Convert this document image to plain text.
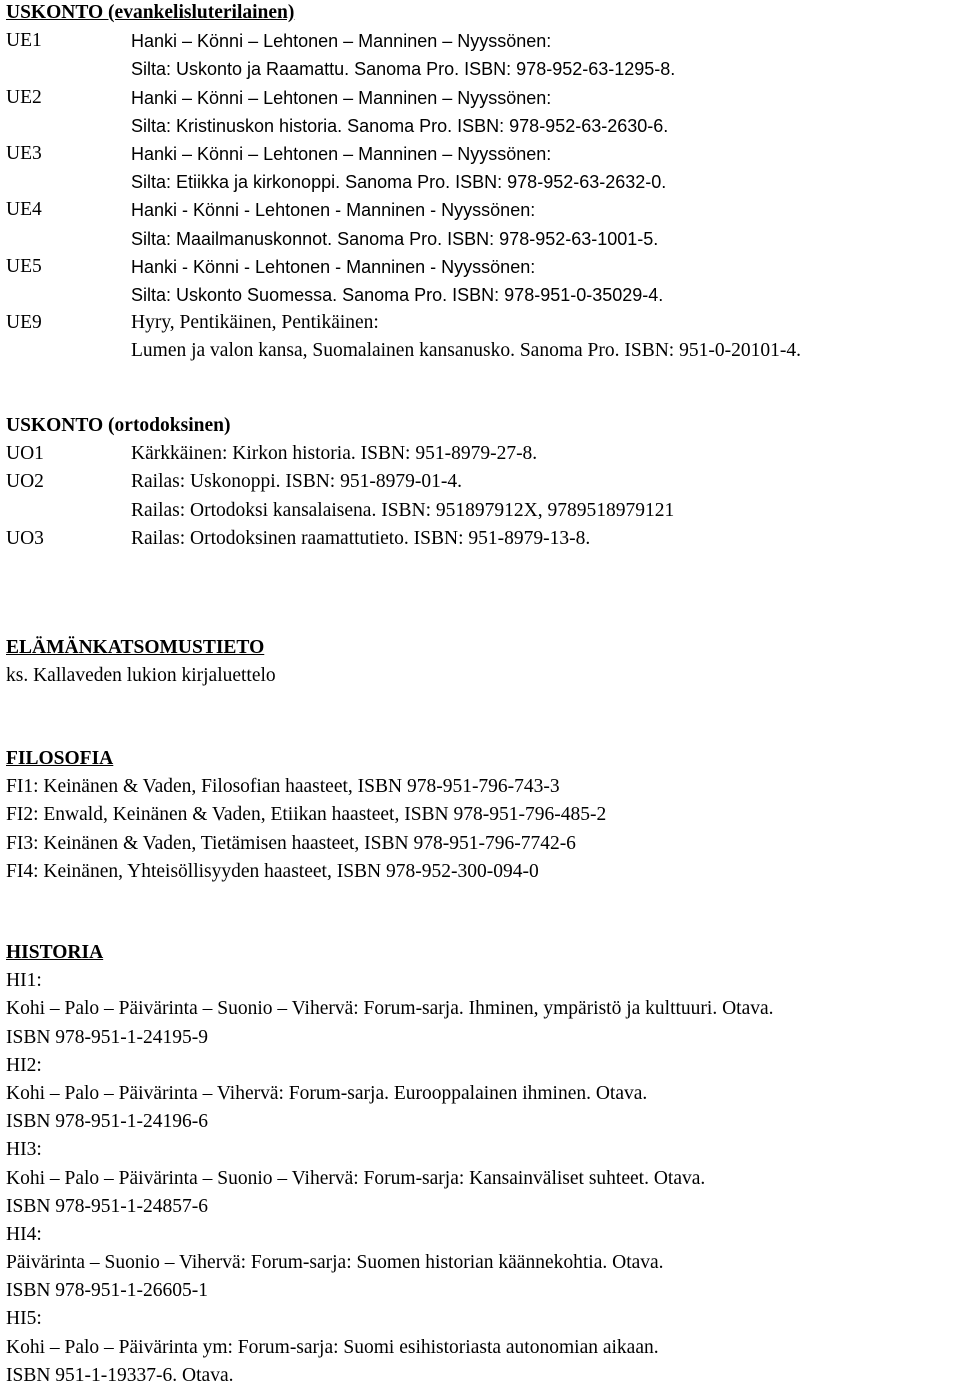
USKONTO (evankelisluterilainen)
UE1	Hanki – Könni – Lehtonen – Manninen – Nyyssönen:
Silta: Uskonto ja Raamattu. Sanoma Pro. ISBN: 978-952-63-1295-8.
UE2	Hanki – Könni – Lehtonen – Manninen – Nyyssönen:
Silta: Kristinuskon historia. Sanoma Pro. ISBN: 978-952-63-2630-6.
UE3	Hanki – Könni – Lehtonen – Manninen – Nyyssönen:
Silta: Etiikka ja kirkonoppi. Sanoma Pro. ISBN: 978-952-63-2632-0.
UE4	Hanki - Könni - Lehtonen - Manninen - Nyyssönen:
Silta: Maailmanuskonnot. Sanoma Pro. ISBN: 978-952-63-1001-5.
UE5	Hanki - Könni - Lehtonen - Manninen - Nyyssönen:
Silta: Uskonto Suomessa. Sanoma Pro. ISBN: 978-951-0-35029-4.
UE9	Hyry, Pentikäinen, Pentikäinen:
Lumen ja valon kansa, Suomalainen kansanusko. Sanoma Pro. ISBN: 951-0-20101-4.
USKONTO (ortodoksinen)
UO1	Kärkkäinen: Kirkon historia. ISBN: 951-8979-27-8.
UO2	Railas: Uskonoppi. ISBN: 951-8979-01-4.
Railas: Ortodoksi kansalaisena. ISBN: 951897912X, 9789518979121
UO3	Railas: Ortodoksinen raamattutieto. ISBN: 951-8979-13-8.
ELÄMÄNKATSOMUSTIETO
ks. Kallaveden lukion kirjaluettelo
FILOSOFIA
FI1: Keinänen & Vaden, Filosofian haasteet, ISBN 978-951-796-743-3
FI2: Enwald, Keinänen & Vaden, Etiikan haasteet, ISBN 978-951-796-485-2
FI3: Keinänen & Vaden, Tietämisen haasteet, ISBN 978-951-796-7742-6
FI4: Keinänen, Yhteisöllisyyden haasteet, ISBN 978-952-300-094-0
HISTORIA
HI1:
Kohi – Palo – Päivärinta – Suonio – Vihervä: Forum-sarja. Ihminen, ympäristö ja kulttuuri. Otava.
ISBN 978-951-1-24195-9
HI2:
Kohi – Palo – Päivärinta – Vihervä: Forum-sarja. Eurooppalainen ihminen. Otava.
ISBN 978-951-1-24196-6
HI3:
Kohi – Palo – Päivärinta – Suonio – Vihervä: Forum-sarja: Kansainväliset suhteet. Otava.
ISBN 978-951-1-24857-6
HI4:
Päivärinta – Suonio – Vihervä: Forum-sarja: Suomen historian käännekohtia. Otava.
ISBN 978-951-1-26605-1
HI5:
Kohi – Palo – Päivärinta ym: Forum-sarja: Suomi esihistoriasta autonomian aikaan.
ISBN 951-1-19337-6. Otava.
